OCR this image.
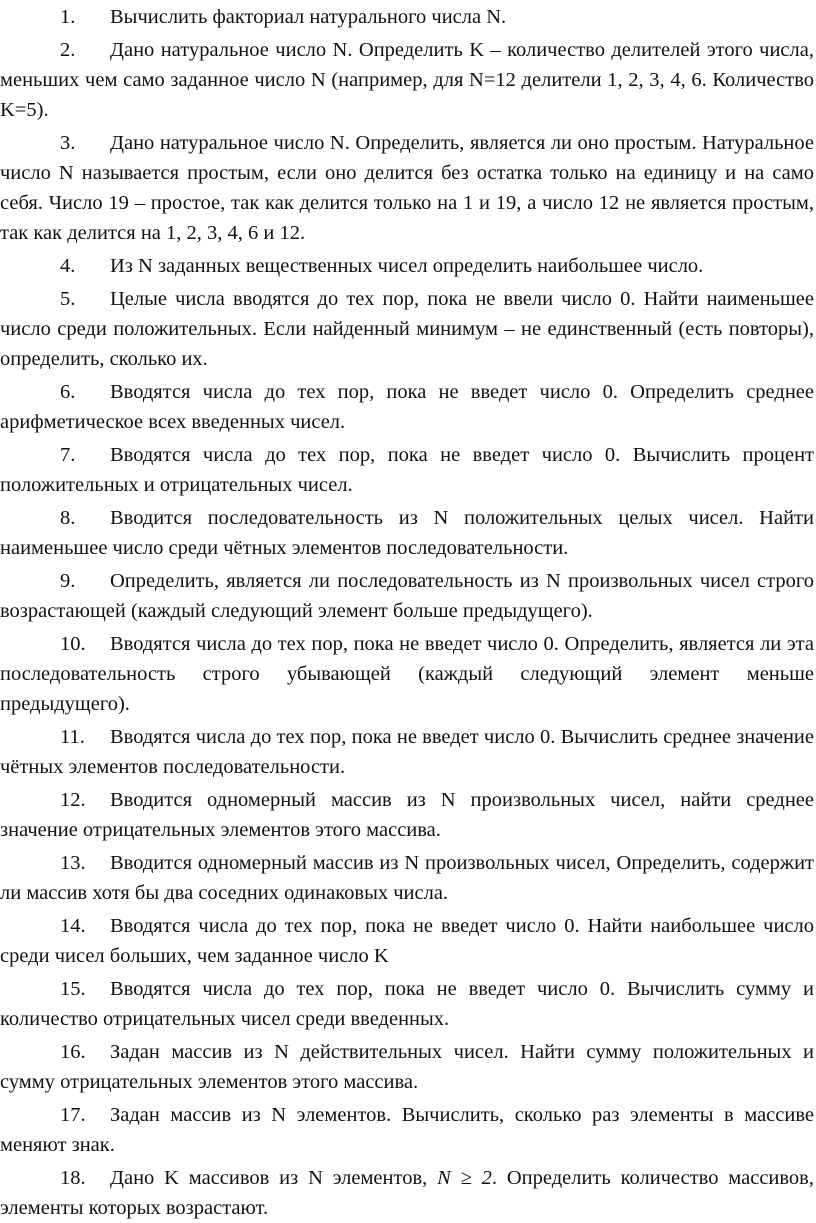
1. Вычислить факториал натурального числа N.

2. Дано натуральное число N. Определить K – количество делителей этого числа, меньших чем само заданное число N (например, для N=12 делители 1, 2, 3, 4, 6. Количество K=5).

3. Дано натуральное число N. Определить, является ли оно простым. Натуральное число N называется простым, если оно делится без остатка только на единицу и на само себя. Число 19 – простое, так как делится только на 1 и 19, а число 12 не является простым, так как делится на 1, 2, 3, 4, 6 и 12.

4. Из N заданных вещественных чисел определить наибольшее число.

5. Целые числа вводятся до тех пор, пока не ввели число 0. Найти наименьшее число среди положительных. Если найденный минимум – не единственный (есть повторы), определить, сколько их.

6. Вводятся числа до тех пор, пока не введет число 0. Определить среднее арифметическое всех введенных чисел.

7. Вводятся числа до тех пор, пока не введет число 0. Вычислить процент положительных и отрицательных чисел.

8. Вводится последовательность из N положительных целых чисел. Найти наименьшее число среди чётных элементов последовательности.

9. Определить, является ли последовательность из N произвольных чисел строго возрастающей (каждый следующий элемент больше предыдущего).

10. Вводятся числа до тех пор, пока не введет число 0. Определить, является ли эта последовательность строго убывающей (каждый следующий элемент меньше предыдущего).

11. Вводятся числа до тех пор, пока не введет число 0. Вычислить среднее значение чётных элементов последовательности.

12. Вводится одномерный массив из N произвольных чисел, найти среднее значение отрицательных элементов этого массива.

13. Вводится одномерный массив из N произвольных чисел, Определить, содержит ли массив хотя бы два соседних одинаковых числа.

14. Вводятся числа до тех пор, пока не введет число 0. Найти наибольшее число среди чисел больших, чем заданное число K

15. Вводятся числа до тех пор, пока не введет число 0. Вычислить сумму и количество отрицательных чисел среди введенных.

16. Задан массив из N действительных чисел. Найти сумму положительных и сумму отрицательных элементов этого массива.

17. Задан массив из N элементов. Вычислить, сколько раз элементы в массиве меняют знак.

18. Дано K массивов из N элементов, N ≥ 2. Определить количество массивов, элементы которых возрастают.
